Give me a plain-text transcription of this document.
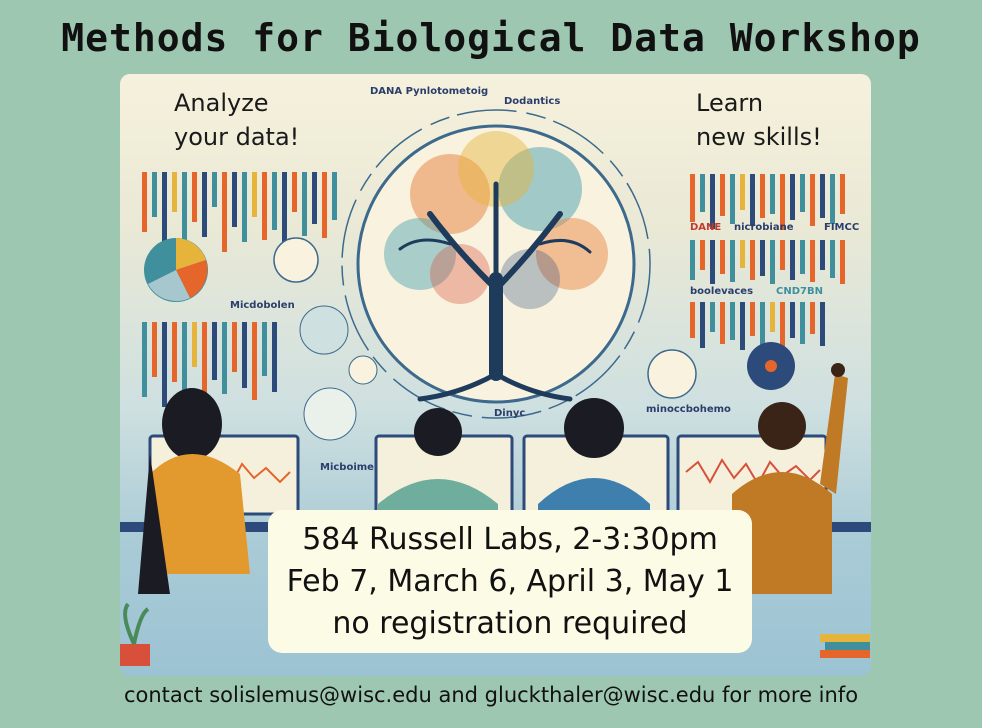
Methods for Biological Data Workshop
Analyze
your data!
Learn
new skills!
DANA Pynlotometoig
Dodantics
DANE nicrobiane	FIMCC
boolevaces CND7BN
Micdobolen
Micboime
Dinyc	minoccbohemo
584 Russell Labs, 2-3:30pm
Feb 7, March 6, April 3, May 1
no registration required
contact solislemus@wisc.edu and gluckthaler@wisc.edu for more info
